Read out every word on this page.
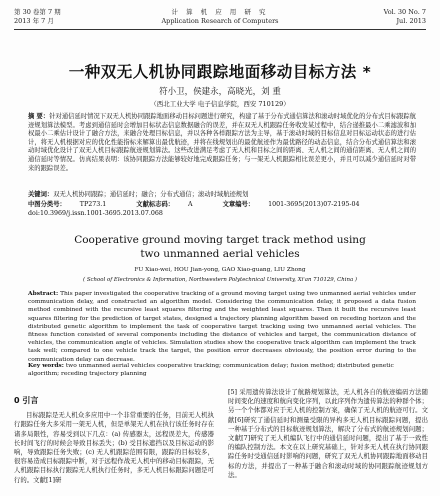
第 30 卷第 7 期
2013 年 7 月
计 算 机 应 用 研 究
Application Research of Computers
Vol. 30 No. 7
Jul. 2013
一种双无人机协同跟踪地面移动目标方法 *
符小卫，侯建永，高晓光，刘 重
（西北工业大学 电子信息学院，西安 710129）
摘 要：针对通信延时情况下双无人机协同跟踪地面移动目标问题进行研究，构建了基于分布式通信算法和滚动时域优化的分布式目标跟踪航迹规划算法模型。考虑到通信延时会增加目标状态信息数据融合的误差，并在双无人机跟踪任务收发某过程中，结合递推最小二乘滤波和加权最小二乘估计设计了融合方法，来融合处理目标信息，并以各种各样跟踪方法为主导，基于滚动时域的目标信息对目标运动状态的进行估计，将无人机根据对应的优化性能指标来解算出最优航迹，并将在线规划出的最优航迹作为最优路径的动态信息，结合分布式通信算法和滚动时域优化设计了双无人机目标跟踪航迹规划算法。这些改进满足考虑了无人机和目标之间的距离、无人机之间的通信距离、无人机之间的通信延时等情况。仿真结果表明：该协同跟踪方法能够较好地完成跟踪任务；与一架无人机跟踪相比误差更小，并且可以减少通信延时对带来的跟踪误差。
关键词：双无人机协同跟踪；通信延时；融合；分布式通信；滚动时域航迹规划
中图分类号： TP273.1	文献标志码： A	文章编号： 1001-3695(2013)07-2195-04
doi:10.3969/j.issn.1001-3695.2013.07.068
Cooperative ground moving target track method using
two unmanned aerial vehicles
FU Xiao-wei, HOU Jian-yong, GAO Xiao-guang, LIU Zhong
( School of Electronics & Information, Northwestern Polytechnical University, Xi'an 710129, China )
Abstract: This paper investigated the cooperative tracking of a ground moving target using two unmanned aerial vehicles under communication delay, and constructed an algorithm model. Considering the communication delay, it proposed a data fusion method combined with the recursive least squares filtering and the weighted least squares. Then it built the recursive least squares filtering for the prediction of target states, designed a trajectory planning algorithm based on receding horizon and the distributed genetic algorithm to implement the task of cooperative target tracking using two unmanned aerial vehicles. The fitness function consisted of several components including the distance of vehicles and target, the communication distance of vehicles, the communication angle of vehicles. Simulation studies show the cooperative track algorithm can implement the track task well; compared to one vehicle track the target, the position error decreases obviously, the position error during to the communication delay can decrease.
Key words: two unmanned aerial vehicles cooperative tracking; communication delay; fusion method; distributed genetic algorithm; receding trajectory planning
0 引言
目标跟踪是无人机众多应用中一个非常重要的任务，目前无人机执行跟踪任务大多采用一架无人机，但是单架无人机在执行该任务时存在诸多局限性，容易受到以下几点：(a) 传感器太，远程误差大，传感器长时间飞行的时候会导致目标丢失；(b) 受目标遮挡以及目标运动的影响，导致跟踪任务失败；(c) 无人机跟踪范围有限，跟踪的目标较多，很容易造成目标跟踪中断，对于远程作战无人机中的移动目标跟踪，无人机跟踪目标执行跟踪无人机执行任务时，多无人机目标跟踪问题是可行的。文献[1]研
[5] 采用遗传算法设计了航路规划算法，无人机各自的航迹编码方法随时间变化的速度和航向变化序列，以此序列作为遗传算法的种群个体；另一个个体都对应于无人机的控制方案，确保了无人机的航迹可行。文献[6]研究了通信延时和测量受限的异构多无人机目标跟踪问题，提出一种基于分布式的目标航迹规划算法，解决了分布式的航迹规划问题；文献[7]研究了无人机编队飞行中的通信延时问题，提出了基于一致性的编队控制方法。本文在以上研究基础上，针对多无人机在执行协同跟踪任务时受通信延时影响的问题，研究了双无人机协同跟踪地面移动目标的方法，并提出了一种基于融合和滚动时域的协同跟踪航迹规划方法。
